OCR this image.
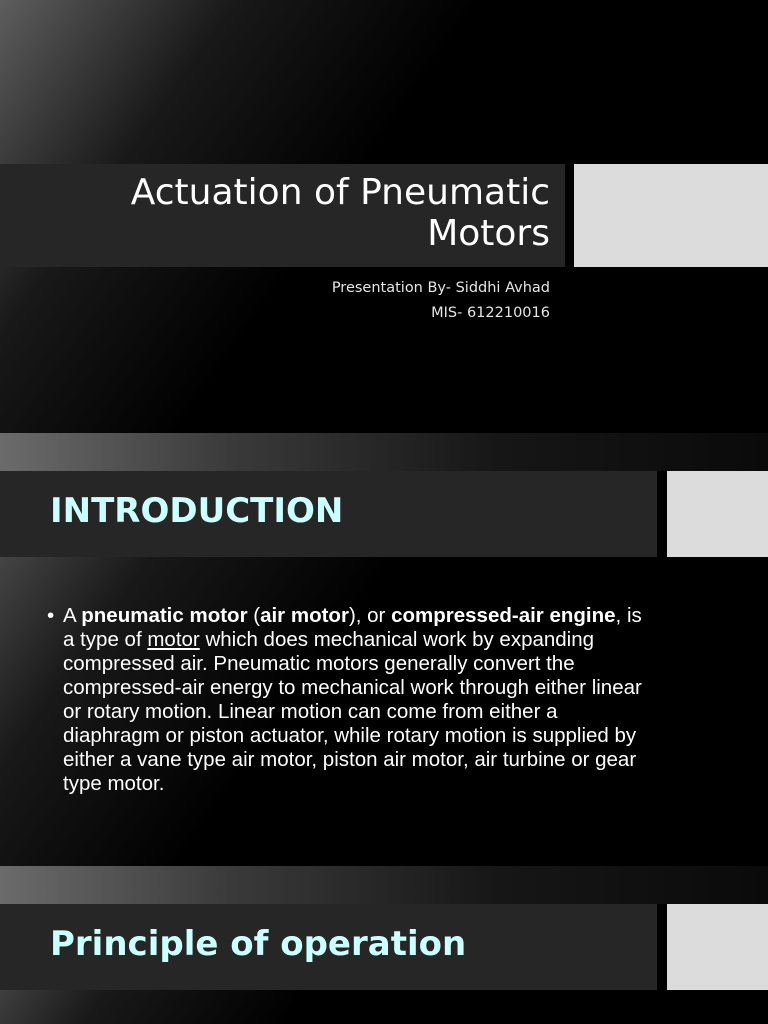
Actuation of Pneumatic
Motors
Presentation By- Siddhi Avhad
MIS- 612210016
INTRODUCTION
• A pneumatic motor (air motor), or compressed-air engine, is a type of motor which does mechanical work by expanding compressed air. Pneumatic motors generally convert the compressed-air energy to mechanical work through either linear or rotary motion. Linear motion can come from either a diaphragm or piston actuator, while rotary motion is supplied by either a vane type air motor, piston air motor, air turbine or gear type motor.
Principle of operation
